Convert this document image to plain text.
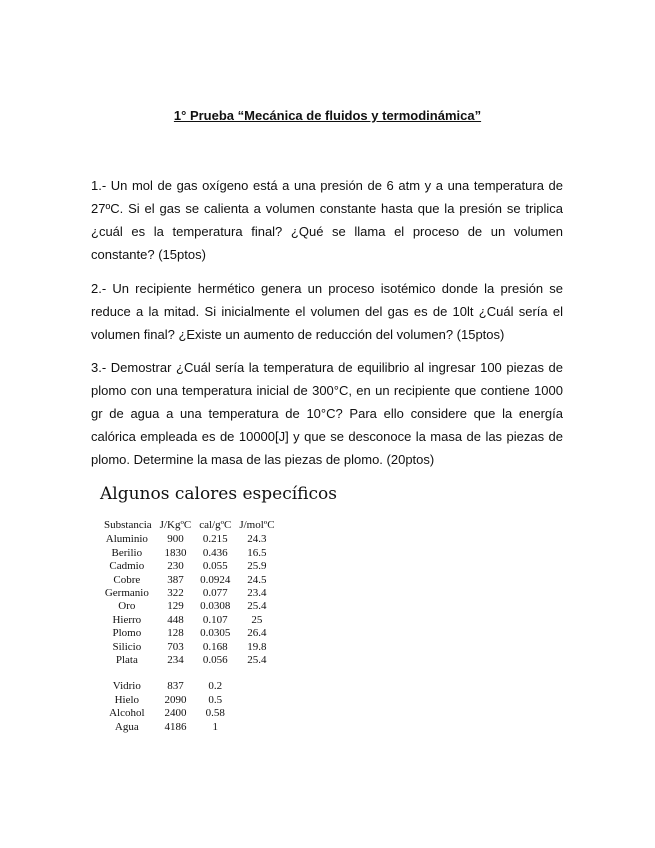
1° Prueba “Mecánica de fluidos y termodinámica”

1.- Un mol de gas oxígeno está a una presión de 6 atm y a una temperatura de 27ºC. Si el gas se calienta a volumen constante hasta que la presión se triplica ¿cuál es la temperatura final? ¿Qué se llama el proceso de un volumen constante? (15ptos)

2.- Un recipiente hermético genera un proceso isotémico donde la presión se reduce a la mitad. Si inicialmente el volumen del gas es de 10lt ¿Cuál sería el volumen final? ¿Existe un aumento de reducción del volumen? (15ptos)

3.- Demostrar ¿Cuál sería la temperatura de equilibrio al ingresar 100 piezas de plomo con una temperatura inicial de 300°C, en un recipiente que contiene 1000 gr de agua a una temperatura de 10°C? Para ello considere que la energía calórica empleada es de 10000[J] y que se desconoce la masa de las piezas de plomo. Determine la masa de las piezas de plomo. (20ptos)

Algunos calores específicos
Substancia	J/KgºC	cal/gºC	J/molºC
Aluminio	900	0.215	24.3
Berilio	1830	0.436	16.5
Cadmio	230	0.055	25.9
Cobre	387	0.0924	24.5
Germanio	322	0.077	23.4
Oro	129	0.0308	25.4
Hierro	448	0.107	25
Plomo	128	0.0305	26.4
Silicio	703	0.168	19.8
Plata	234	0.056	25.4

Vidrio	837	0.2	
Hielo	2090	0.5	
Alcohol	2400	0.58	
Agua	4186	1	
